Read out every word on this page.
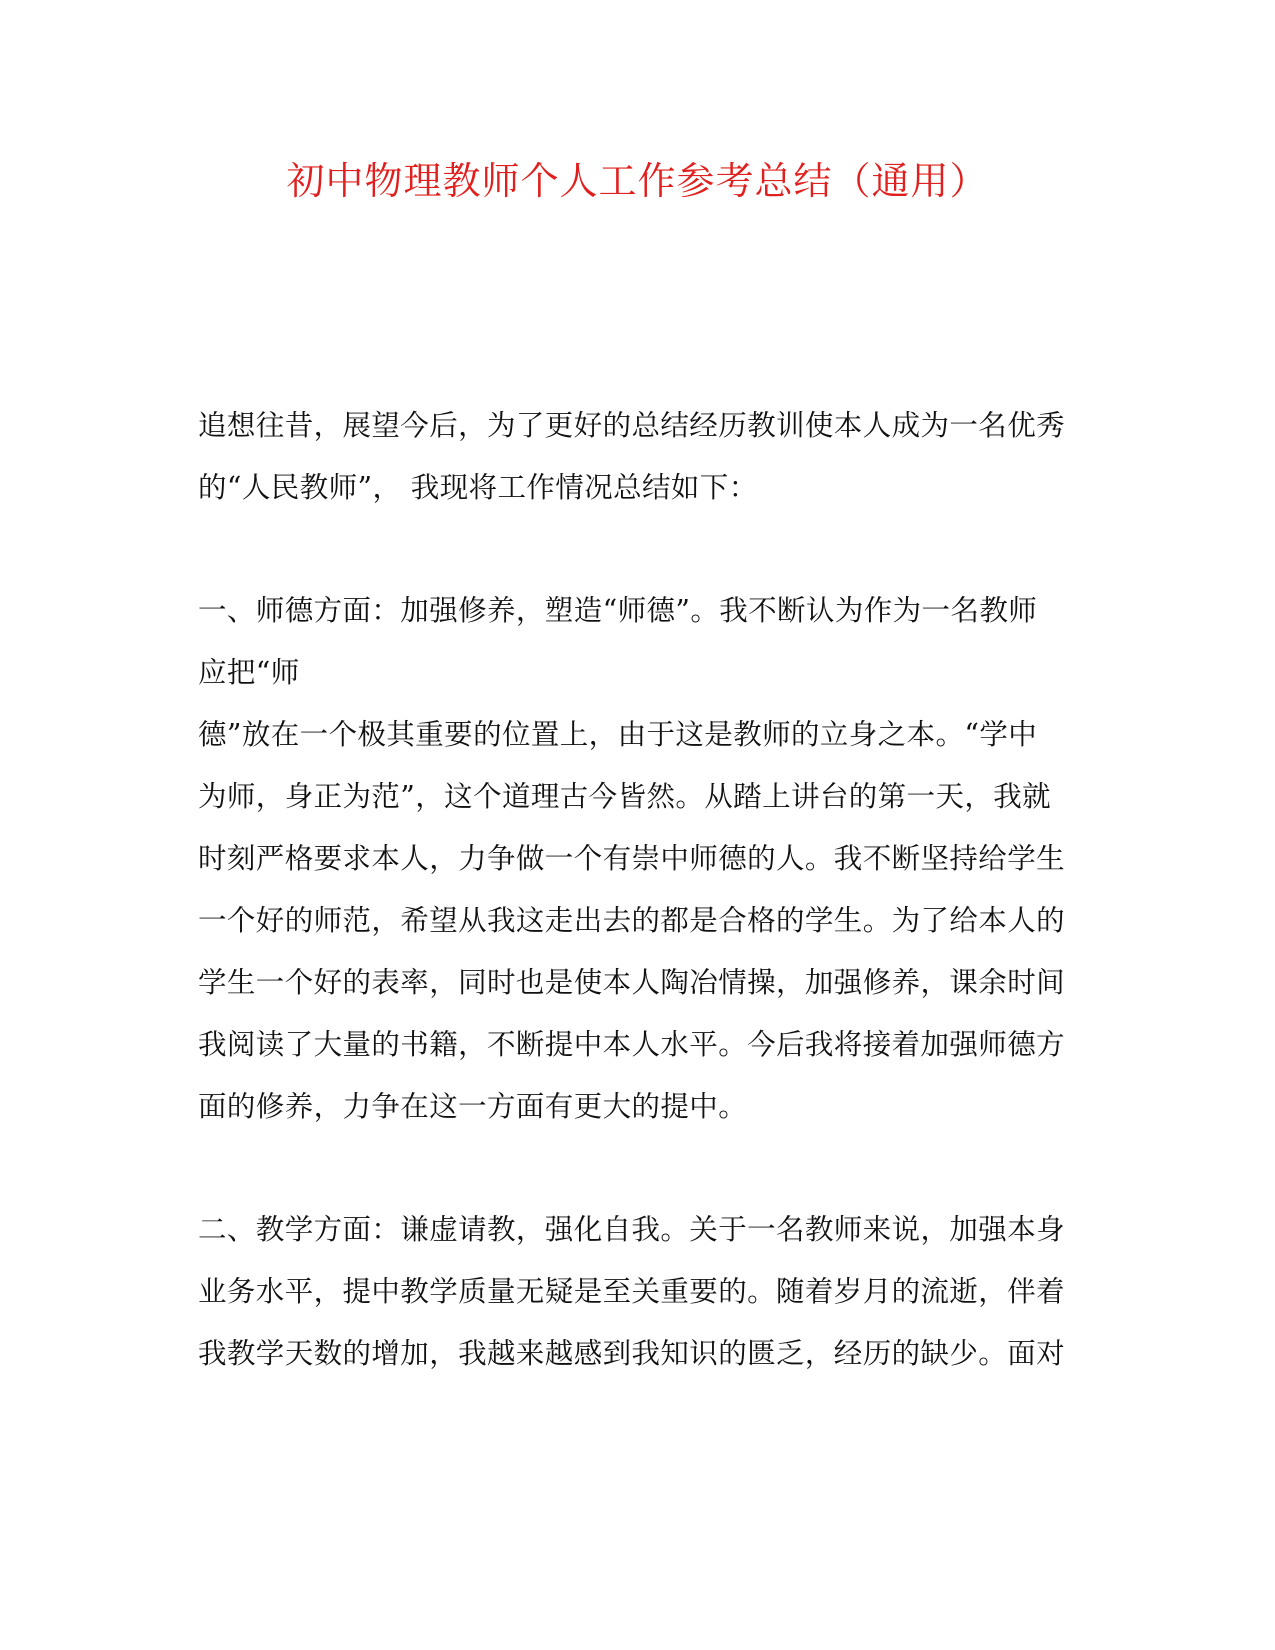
初中物理教师个人工作参考总结（通用）
追想往昔，展望今后，为了更好的总结经历教训使本人成为一名优秀
的“人民教师”， 我现将工作情况总结如下：
一、师德方面：加强修养，塑造“师德”。我不断认为作为一名教师
应把“师
德”放在一个极其重要的位置上，由于这是教师的立身之本。“学中
为师，身正为范”，这个道理古今皆然。从踏上讲台的第一天，我就
时刻严格要求本人，力争做一个有崇中师德的人。我不断坚持给学生
一个好的师范，希望从我这走出去的都是合格的学生。为了给本人的
学生一个好的表率，同时也是使本人陶冶情操，加强修养，课余时间
我阅读了大量的书籍，不断提中本人水平。今后我将接着加强师德方
面的修养，力争在这一方面有更大的提中。
二、教学方面：谦虚请教，强化自我。关于一名教师来说，加强本身
业务水平，提中教学质量无疑是至关重要的。随着岁月的流逝，伴着
我教学天数的增加，我越来越感到我知识的匮乏，经历的缺少。面对
